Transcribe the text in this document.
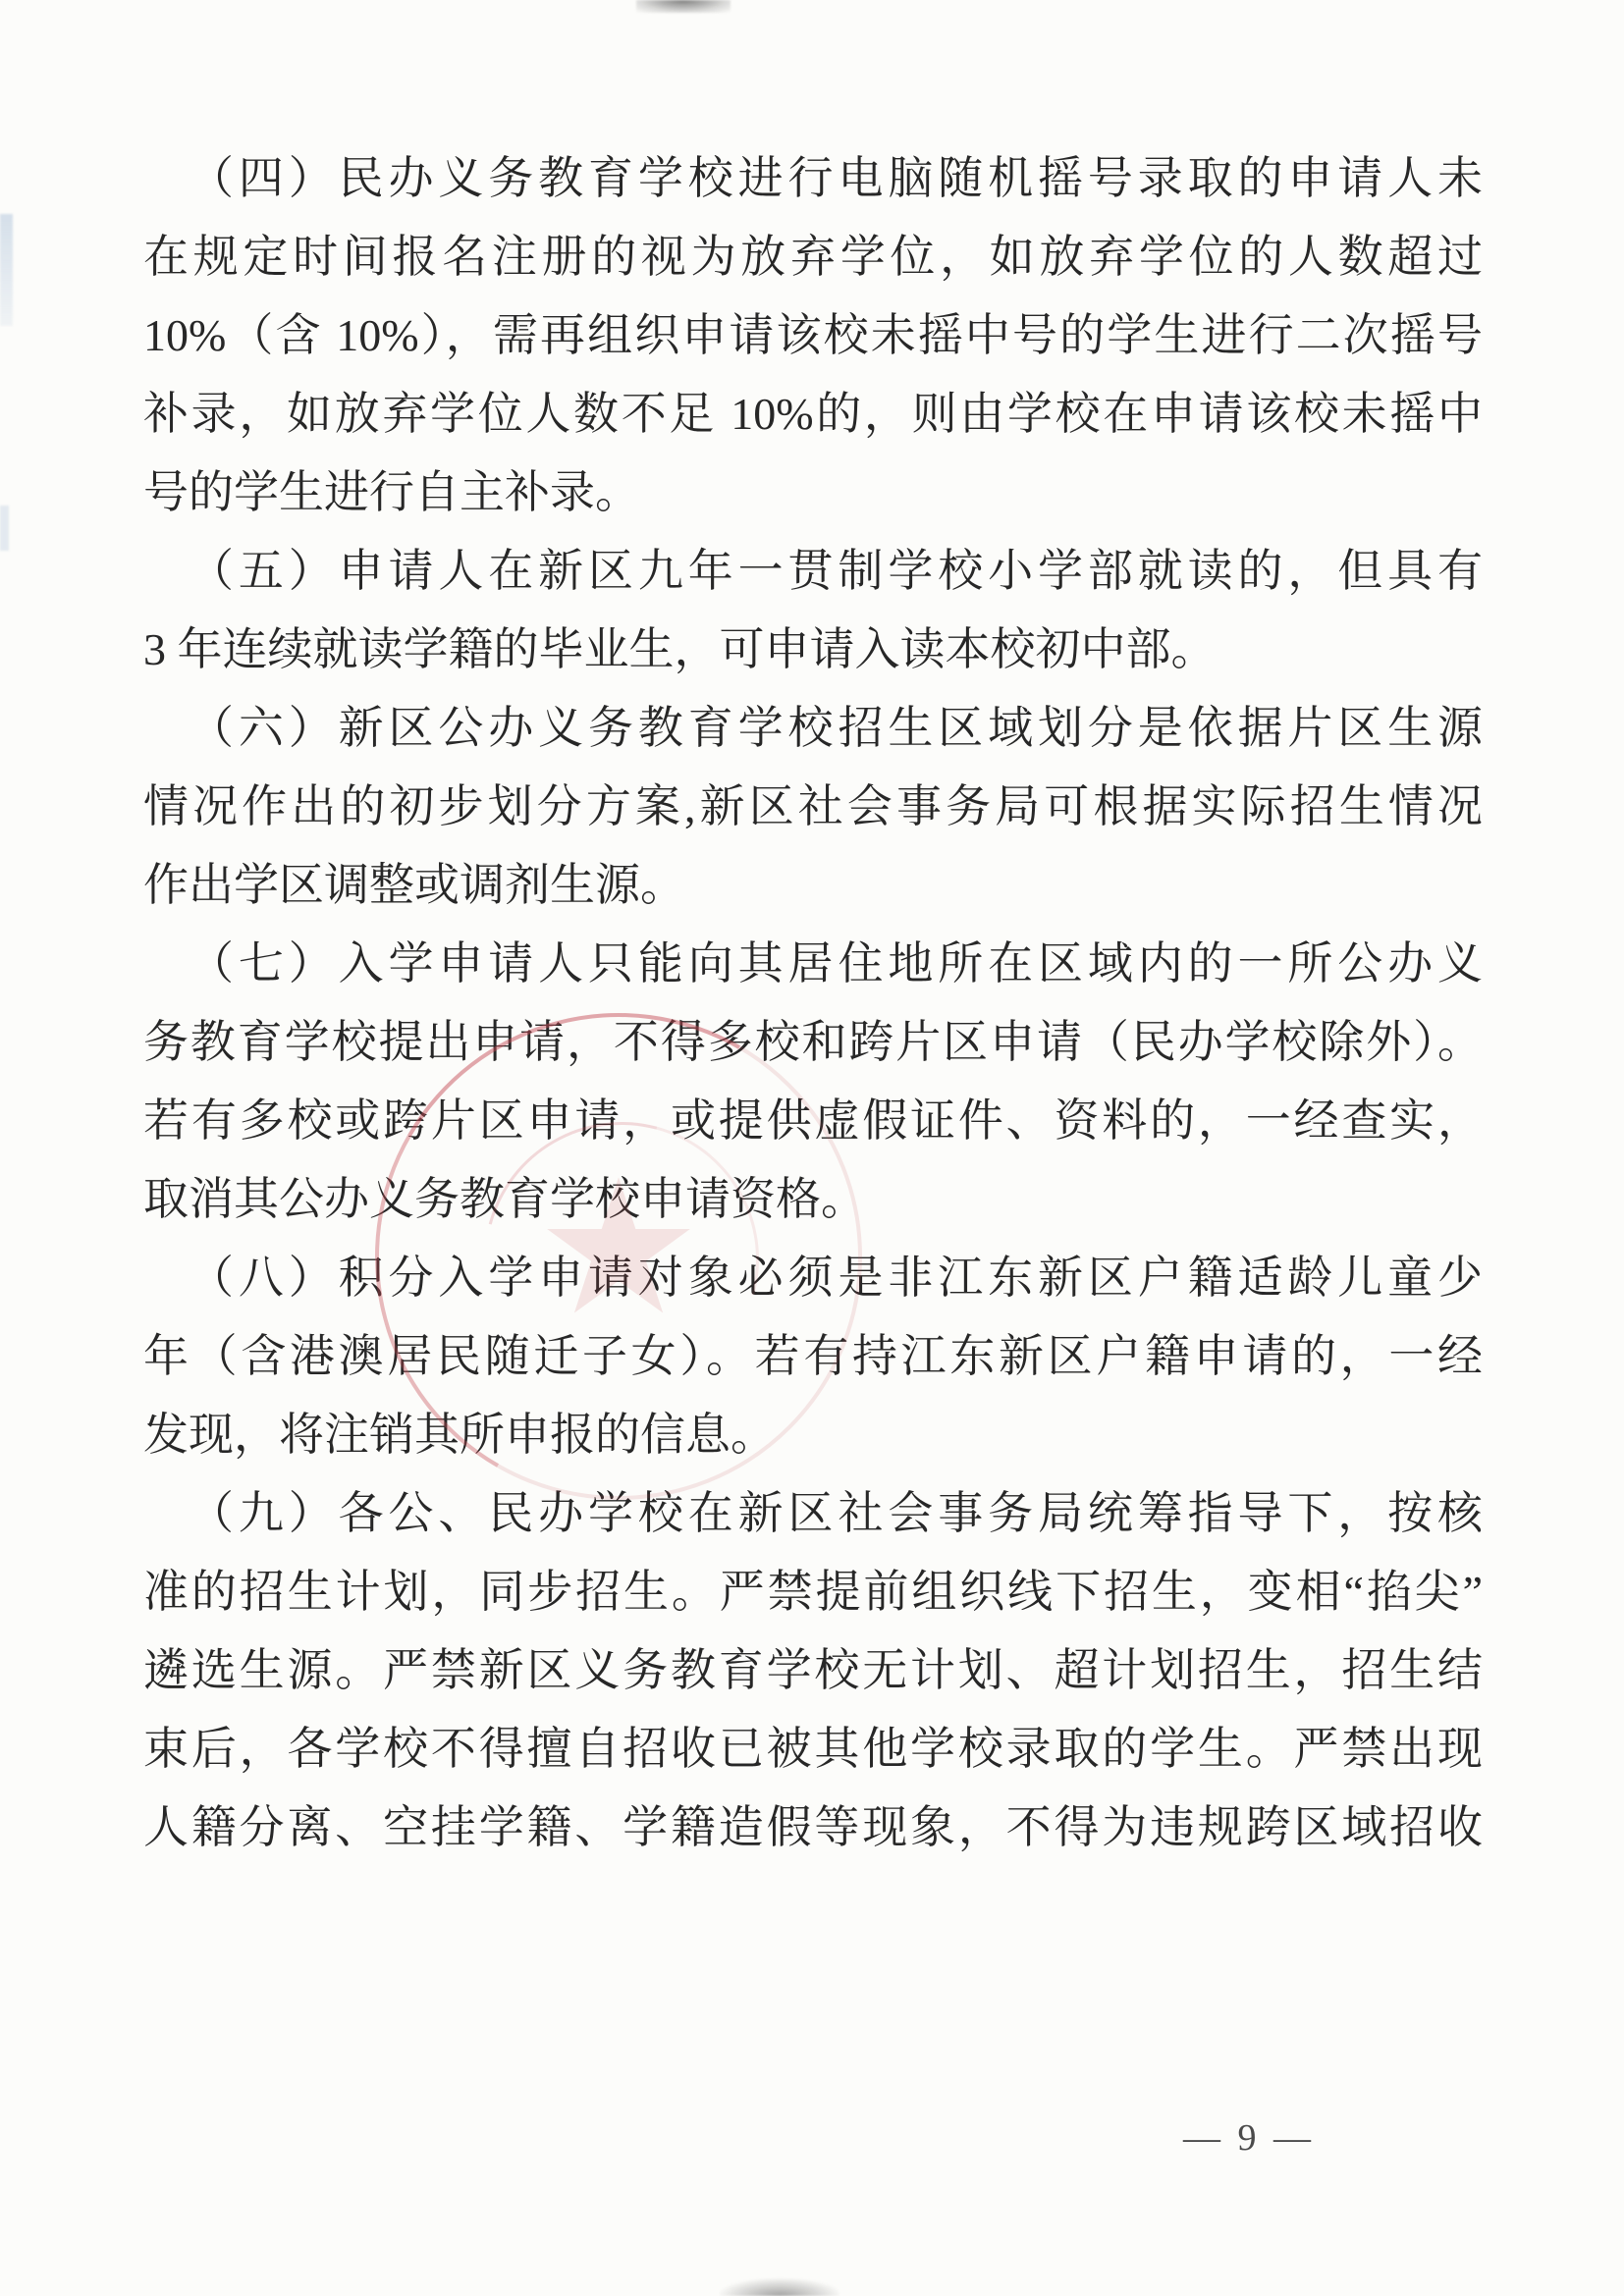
（四）民办义务教育学校进行电脑随机摇号录取的申请人未
在规定时间报名注册的视为放弃学位，如放弃学位的人数超过
10%（含 10%），需再组织申请该校未摇中号的学生进行二次摇号
补录，如放弃学位人数不足 10%的，则由学校在申请该校未摇中
号的学生进行自主补录。
（五）申请人在新区九年一贯制学校小学部就读的，但具有
3 年连续就读学籍的毕业生，可申请入读本校初中部。
（六）新区公办义务教育学校招生区域划分是依据片区生源
情况作出的初步划分方案,新区社会事务局可根据实际招生情况
作出学区调整或调剂生源。
（七）入学申请人只能向其居住地所在区域内的一所公办义
务教育学校提出申请，不得多校和跨片区申请（民办学校除外）。
若有多校或跨片区申请，或提供虚假证件、资料的，一经查实，
取消其公办义务教育学校申请资格。
（八）积分入学申请对象必须是非江东新区户籍适龄儿童少
年（含港澳居民随迁子女）。若有持江东新区户籍申请的，一经
发现，将注销其所申报的信息。
（九）各公、民办学校在新区社会事务局统筹指导下，按核
准的招生计划，同步招生。严禁提前组织线下招生，变相“掐尖”
遴选生源。严禁新区义务教育学校无计划、超计划招生，招生结
束后，各学校不得擅自招收已被其他学校录取的学生。严禁出现
人籍分离、空挂学籍、学籍造假等现象，不得为违规跨区域招收
★
— 9 —
